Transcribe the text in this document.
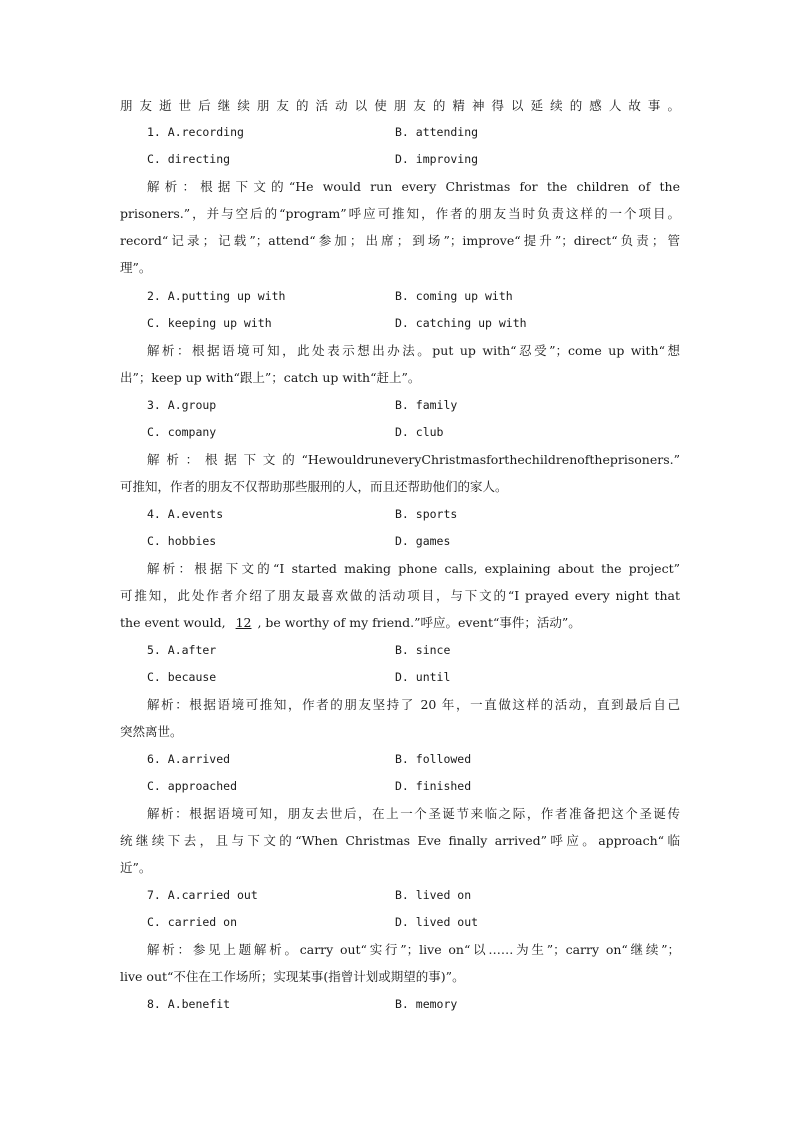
朋友逝世后继续朋友的活动以使朋友的精神得以延续的感人故事。
1. A.recording	B. attending
C. directing	D. improving
解析：根据下文的“He would run every Christmas for the children of the
prisoners.”，并与空后的“program”呼应可推知，作者的朋友当时负责这样的一个项目。
record“记录；记载”；attend“参加；出席；到场”；improve“提升”；direct“负责；管
理”。
2. A.putting up with	B. coming up with
C. keeping up with	D. catching up with
解析：根据语境可知，此处表示想出办法。put up with“忍受”；come up with“想
出”；keep up with“跟上”；catch up with“赶上”。
3. A.group	B. family
C. company	D. club
解析：根据下文的“HewouldruneveryChristmasforthechildrenoftheprisoners.”
可推知，作者的朋友不仅帮助那些服刑的人，而且还帮助他们的家人。
4. A.events	B. sports
C. hobbies	D. games
解析：根据下文的“I started making phone calls, explaining about the project”
可推知，此处作者介绍了朋友最喜欢做的活动项目，与下文的“I prayed every night that
the event would, 12 , be worthy of my friend.”呼应。event“事件；活动”。
5. A.after	B. since
C. because	D. until
解析：根据语境可推知，作者的朋友坚持了 20 年，一直做这样的活动，直到最后自己
突然离世。
6. A.arrived	B. followed
C. approached	D. finished
解析：根据语境可知，朋友去世后，在上一个圣诞节来临之际，作者准备把这个圣诞传
统继续下去，且与下文的“When Christmas Eve finally arrived”呼应。approach“临
近”。
7. A.carried out	B. lived on
C. carried on	D. lived out
解析：参见上题解析。carry out“实行”；live on“以……为生”；carry on“继续”；
live out“不住在工作场所；实现某事(指曾计划或期望的事)”。
8. A.benefit	B. memory
